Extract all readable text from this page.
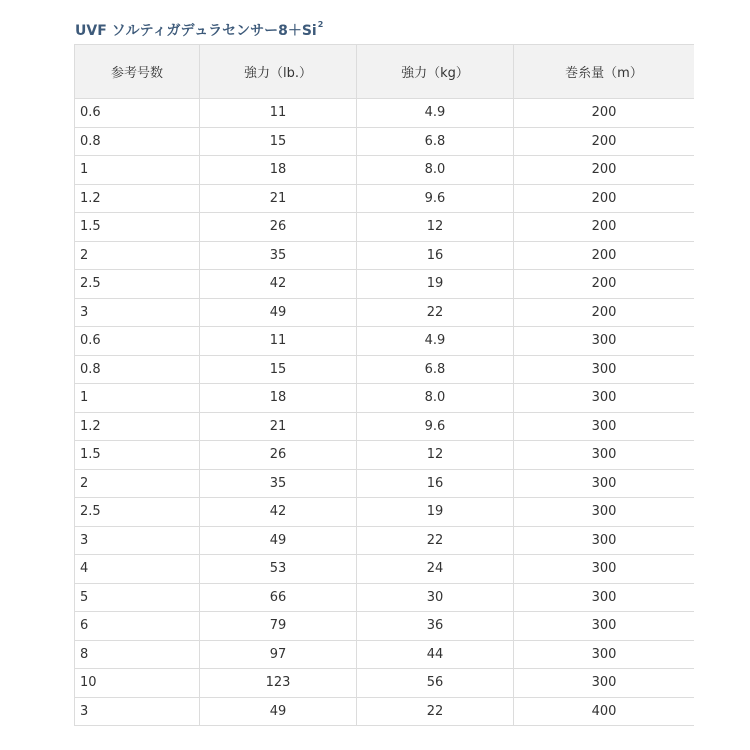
UVF ソルティガデュラセンサー$8+Si^2$
参考号数	強力（lb.）	強力（kg）	巻糸量（m）
0.6	11	4.9	200
0.8	15	6.8	200
1	18	8.0	200
1.2	21	9.6	200
1.5	26	12	200
2	35	16	200
2.5	42	19	200
3	49	22	200
0.6	11	4.9	300
0.8	15	6.8	300
1	18	8.0	300
1.2	21	9.6	300
1.5	26	12	300
2	35	16	300
2.5	42	19	300
3	49	22	300
4	53	24	300
5	66	30	300
6	79	36	300
8	97	44	300
10	123	56	300
3	49	22	400
